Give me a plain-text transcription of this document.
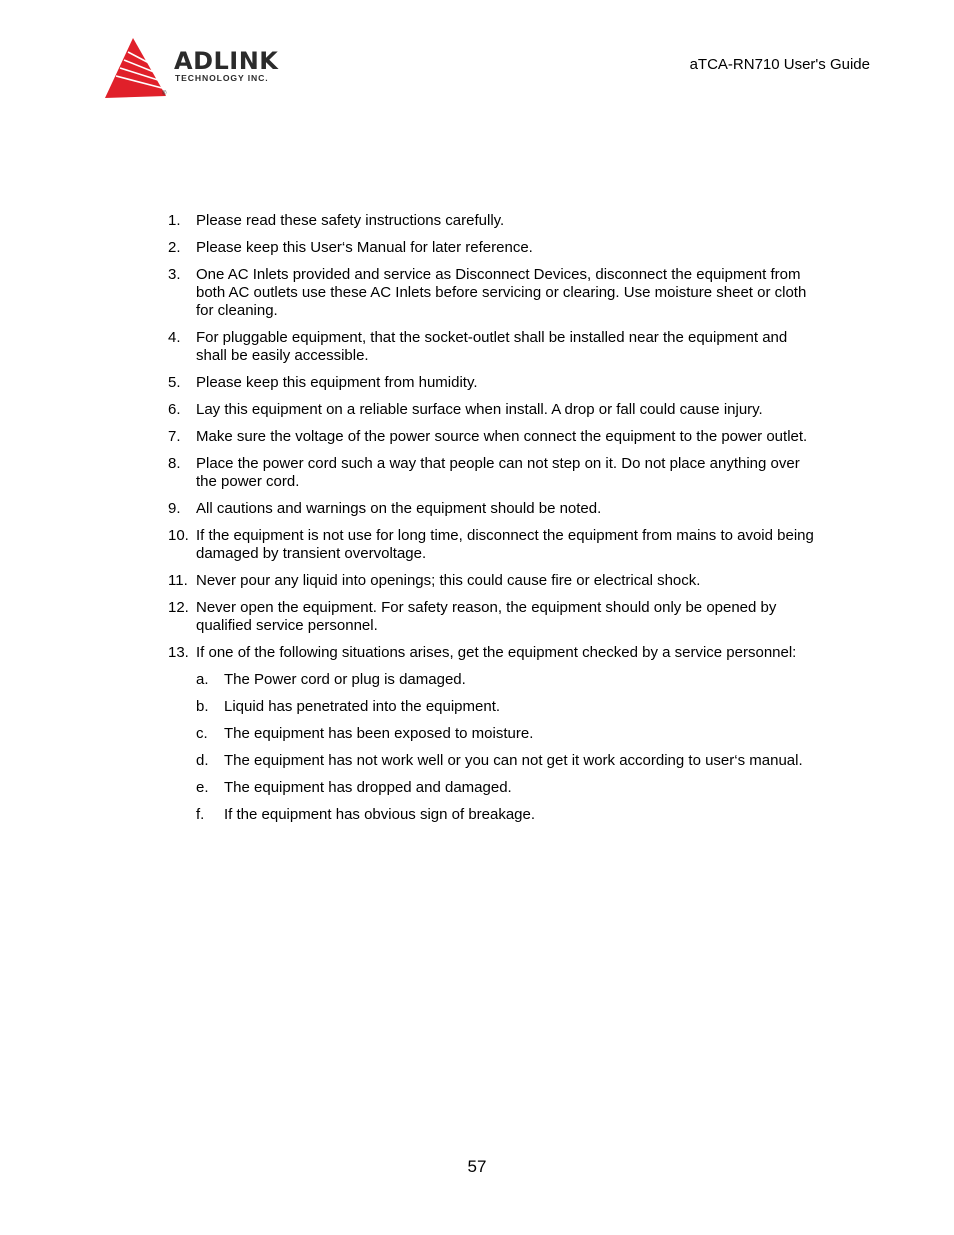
ADLINK
TECHNOLOGY INC.
®
aTCA-RN710 User's Guide
1. Please read these safety instructions carefully.
2. Please keep this User‘s Manual for later reference.
3. One AC Inlets provided and service as Disconnect Devices, disconnect the equipment from both AC outlets use these AC Inlets before servicing or clearing. Use moisture sheet or cloth for cleaning.
4. For pluggable equipment, that the socket-outlet shall be installed near the equipment and shall be easily accessible.
5. Please keep this equipment from humidity.
6. Lay this equipment on a reliable surface when install. A drop or fall could cause injury.
7. Make sure the voltage of the power source when connect the equipment to the power outlet.
8. Place the power cord such a way that people can not step on it. Do not place anything over the power cord.
9. All cautions and warnings on the equipment should be noted.
10. If the equipment is not use for long time, disconnect the equipment from mains to avoid being damaged by transient overvoltage.
11. Never pour any liquid into openings; this could cause fire or electrical shock.
12. Never open the equipment. For safety reason, the equipment should only be opened by qualified service personnel.
13. If one of the following situations arises, get the equipment checked by a service personnel:
a. The Power cord or plug is damaged.
b. Liquid has penetrated into the equipment.
c. The equipment has been exposed to moisture.
d. The equipment has not work well or you can not get it work according to user‘s manual.
e. The equipment has dropped and damaged.
f. If the equipment has obvious sign of breakage.
57
